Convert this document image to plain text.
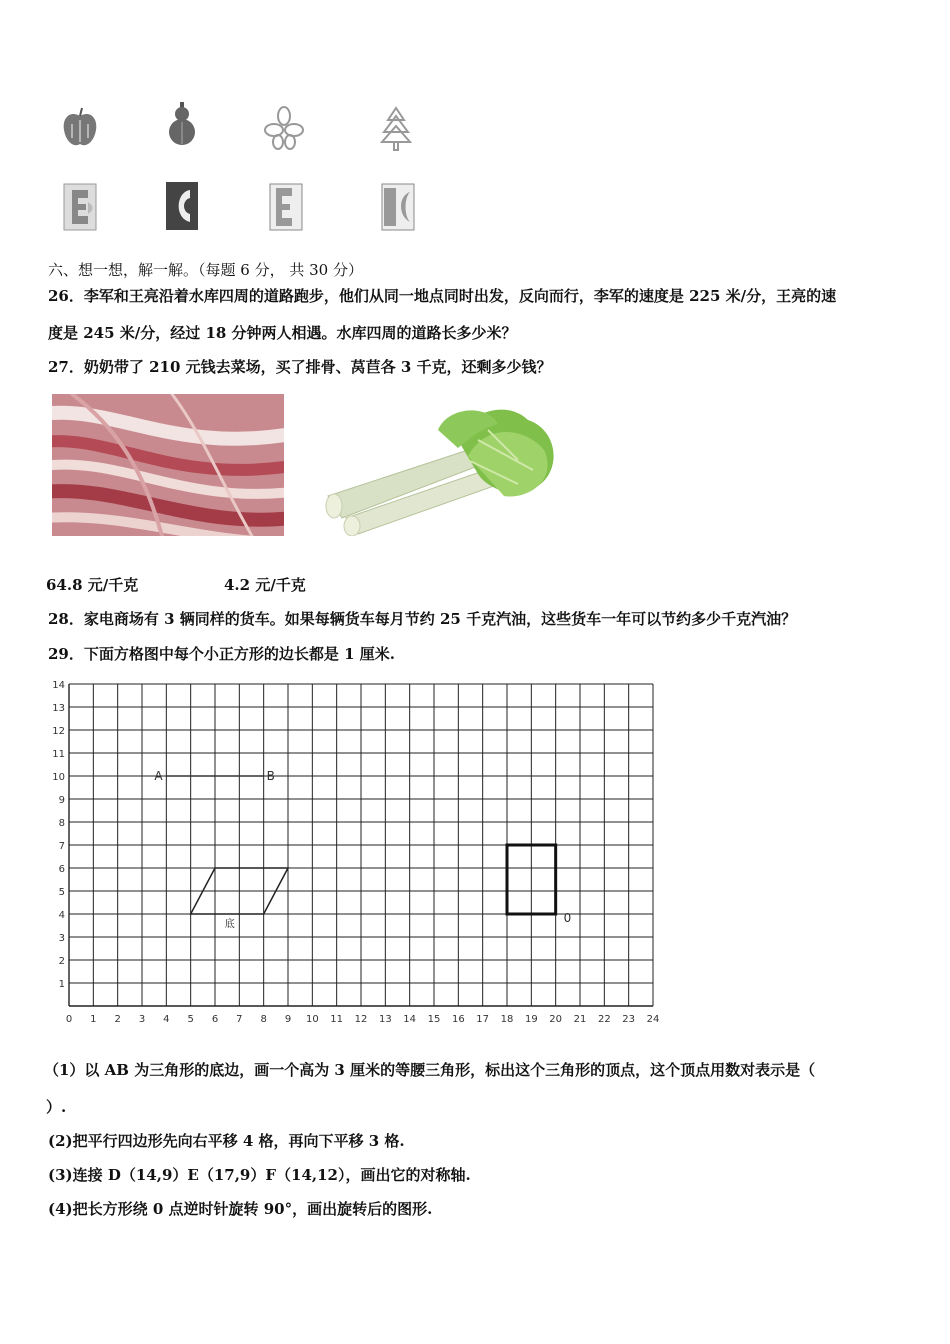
六、想一想，解一解。（每题 6 分， 共 30 分）
26．李军和王亮沿着水库四周的道路跑步，他们从同一地点同时出发，反向而行，李军的速度是 225 米/分，王亮的速
度是 245 米/分，经过 18 分钟两人相遇。水库四周的道路长多少米？
27．奶奶带了 210 元钱去菜场，买了排骨、莴苣各 3 千克，还剩多少钱？
64.8 元/千克	4.2 元/千克
28．家电商场有 3 辆同样的货车。如果每辆货车每月节约 25 千克汽油，这些货车一年可以节约多少千克汽油？
29．下面方格图中每个小正方形的边长都是 1 厘米.
0 1 2 3 4 5 6 7 8 9 10 11 12 13 14 15 16 17 18 19 20 21 22 23 24
1
2
3
4
5
6
7
8
9
10
11
12
13
14
A	B
底	0
（1）以 AB 为三角形的底边，画一个高为 3 厘米的等腰三角形，标出这个三角形的顶点，这个顶点用数对表示是（
）.
(2)把平行四边形先向右平移 4 格，再向下平移 3 格.
(3)连接 D（14,9）E（17,9）F（14,12），画出它的对称轴.
(4)把长方形绕 0 点逆时针旋转 90°，画出旋转后的图形.
